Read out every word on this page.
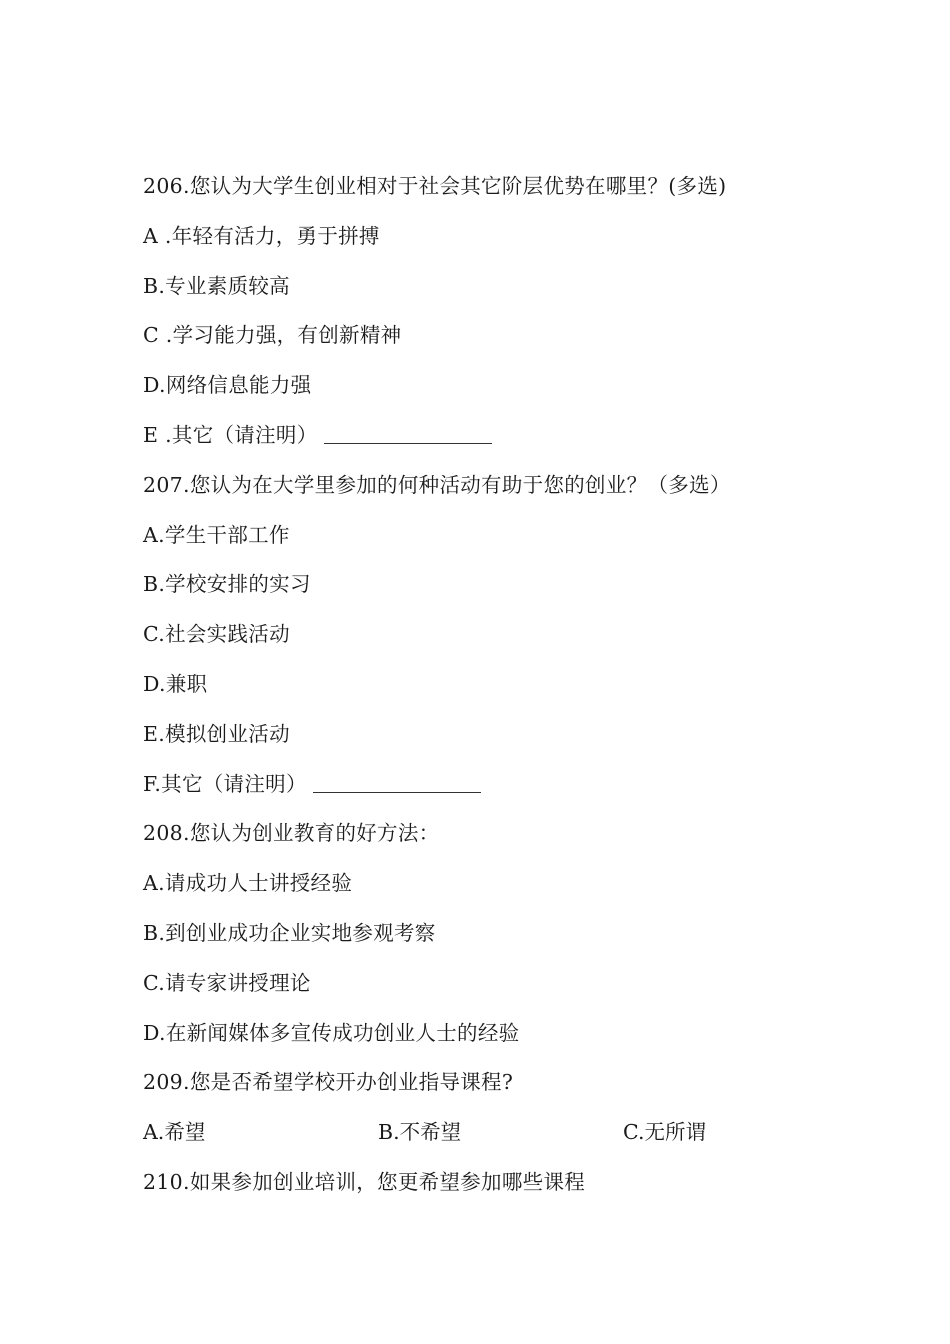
206.您认为大学生创业相对于社会其它阶层优势在哪里？(多选)
A .年轻有活力，勇于拼搏
B.专业素质较高
C .学习能力强，有创新精神
D.网络信息能力强
E .其它（请注明）
207.您认为在大学里参加的何种活动有助于您的创业？（多选）
A.学生干部工作
B.学校安排的实习
C.社会实践活动
D.兼职
E.模拟创业活动
F.其它（请注明）
208.您认为创业教育的好方法：
A.请成功人士讲授经验
B.到创业成功企业实地参观考察
C.请专家讲授理论
D.在新闻媒体多宣传成功创业人士的经验
209.您是否希望学校开办创业指导课程?
A.希望	B.不希望	C.无所谓
210.如果参加创业培训，您更希望参加哪些课程
